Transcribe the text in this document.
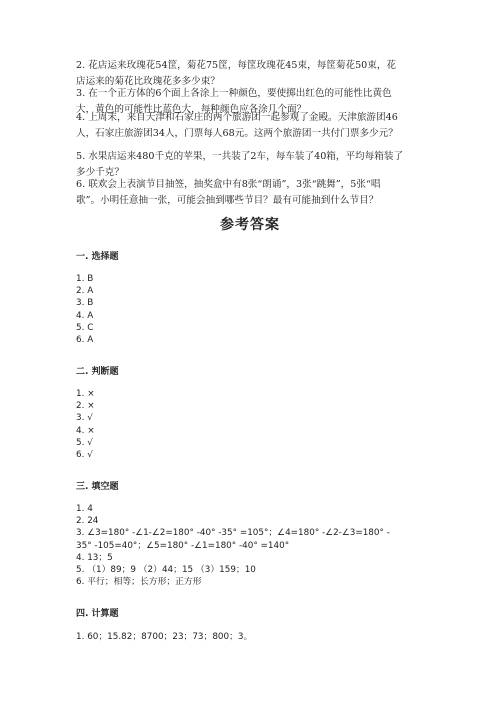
2. 花店运来玫瑰花54筐，菊花75筐，每筐玫瑰花45束，每筐菊花50束，花
店运来的菊花比玫瑰花多多少束？
3. 在一个正方体的6个面上各涂上一种颜色，要使掷出红色的可能性比黄色
大，黄色的可能性比蓝色大，每种颜色应各涂几个面？
4. 上周末，来自天津和石家庄的两个旅游团一起参观了金殿。天津旅游团46
人，石家庄旅游团34人，门票每人68元。这两个旅游团一共付门票多少元？
5. 水果店运来480千克的苹果，一共装了2车，每车装了40箱，平均每箱装了
多少千克？
6. 联欢会上表演节目抽签，抽奖盒中有8张“朗诵”，3张“跳舞”，5张“唱
歌”。小明任意抽一张，可能会抽到哪些节目？最有可能抽到什么节目？
参考答案
一. 选择题
1. B
2. A
3. B
4. A
5. C
6. A
二. 判断题
1. ×
2. ×
3. √
4. ×
5. √
6. √
三. 填空题
1. 4
2. 24
3. ∠3=180° -∠1-∠2=180° -40° -35° =105°；∠4=180° -∠2-∠3=180° -
35° -105=40°；∠5=180° -∠1=180° -40° =140°
4. 13；5
5. （1）89；9 （2）44；15 （3）159；10
6. 平行；相等；长方形；正方形
四. 计算题
1. 60；15.82；8700；23；73；800；3。
